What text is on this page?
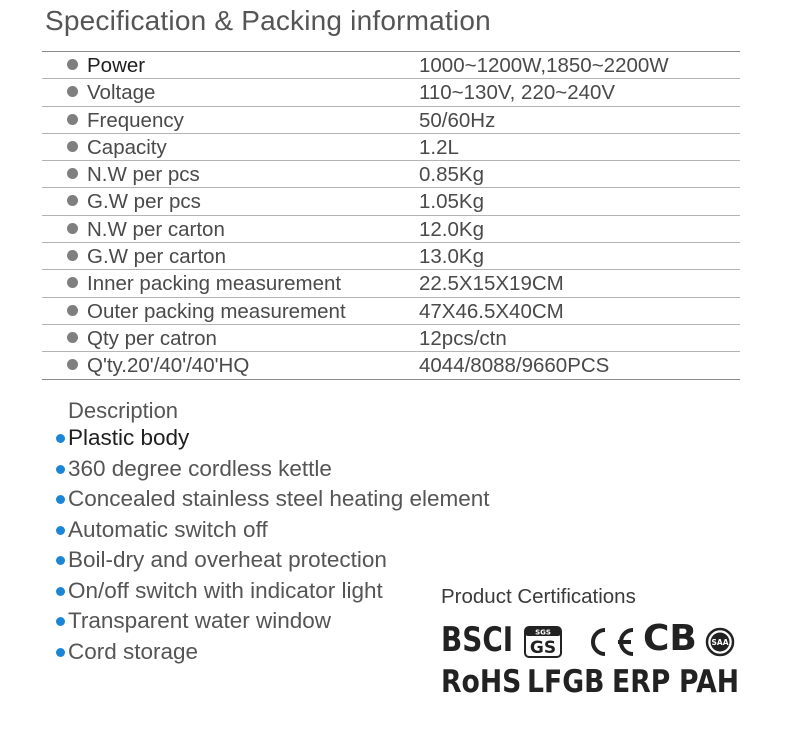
Specification & Packing information
Power	1000~1200W,1850~2200W
Voltage	110~130V, 220~240V
Frequency	50/60Hz
Capacity	1.2L
N.W per pcs	0.85Kg
G.W per pcs	1.05Kg
N.W per carton	12.0Kg
G.W per carton	13.0Kg
Inner packing measurement	22.5X15X19CM
Outer packing measurement	47X46.5X40CM
Qty per catron	12pcs/ctn
Q'ty.20'/40'/40'HQ	4044/8088/9660PCS
Description
Plastic body
360 degree cordless kettle
Concealed stainless steel heating element
Automatic switch off
Boil-dry and overheat protection
On/off switch with indicator light
Transparent water window
Cord storage
Product Certifications
BSCI	SGS
GS CB SAA
RoHS LFGB ERP PAH
